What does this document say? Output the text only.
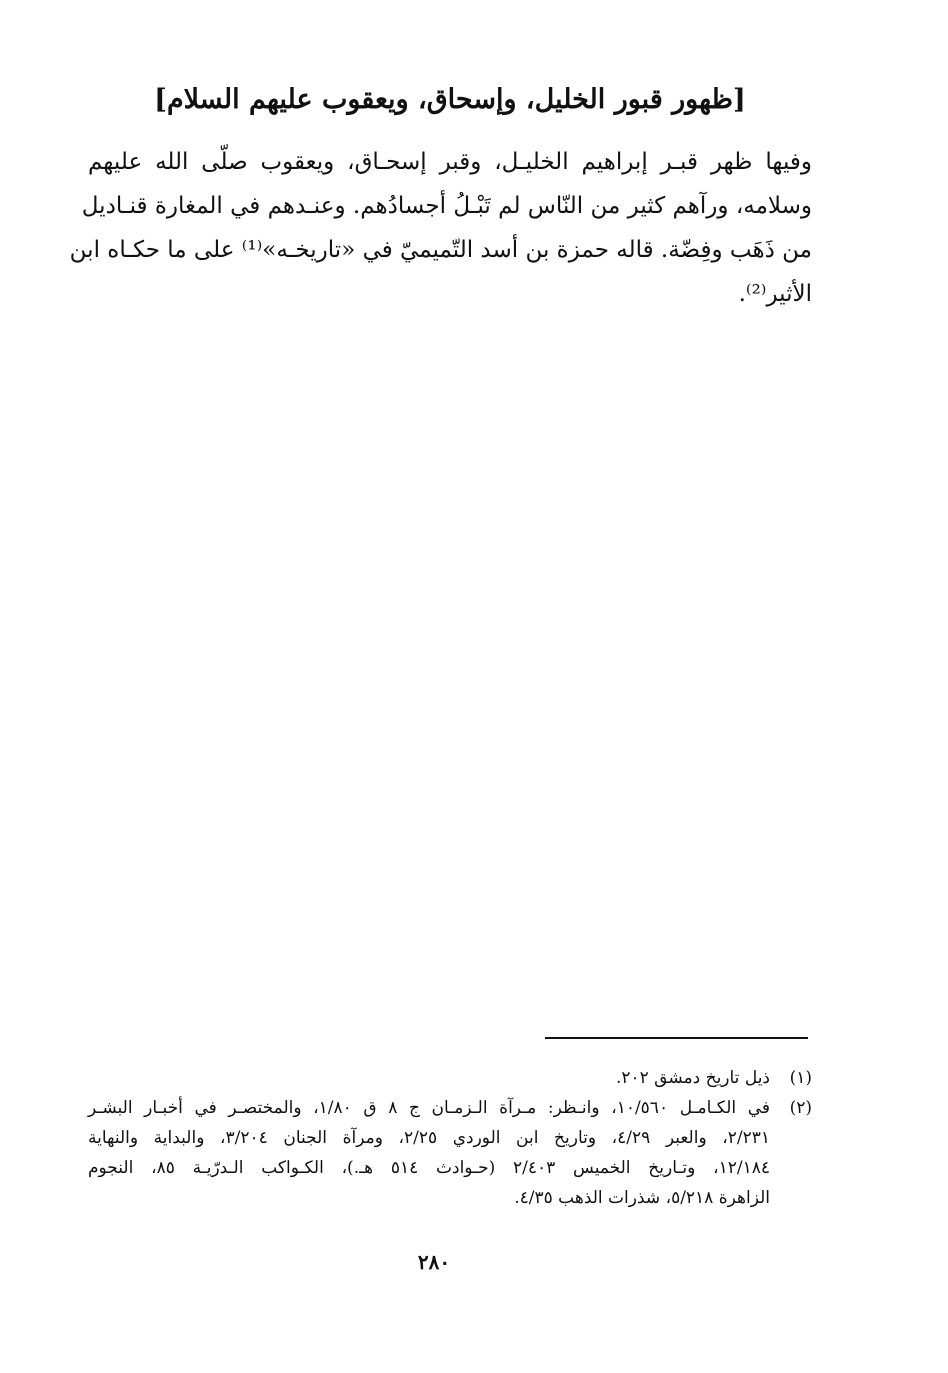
[ظهور قبور الخليل، وإسحاق، ويعقوب عليهم السلام]
وفيها ظهر قبـر إبراهيم الخليـل، وقبر إسحـاق، ويعقوب صلّى الله عليهم
وسلامه، ورآهم كثير من النّاس لم تَبْـلُ أجسادُهم. وعنـدهم في المغارة قنـاديل
من ذَهَب وفِضّة. قاله حمزة بن أسد التّميميّ في «تاريخـه»⁽¹⁾ على ما حكـاه ابن
الأثير⁽²⁾.
(١)
ذيل تاريخ دمشق ٢٠٢.
(٢)
في الكـامـل ١٠/٥٦٠، وانـظر: مـرآة الـزمـان ج ٨ ق ١/٨٠، والمختصـر في أخبـار البشـر
٢/٢٣١، والعبر ٤/٢٩، وتاريخ ابن الوردي ٢/٢٥، ومرآة الجنان ٣/٢٠٤، والبداية والنهاية
١٢/١٨٤، وتـاريخ الخميس ٢/٤٠٣ (حـوادث ٥١٤ هـ.)، الكـواكب الـدرّيـة ٨٥، النجوم
الزاهرة ٥/٢١٨، شذرات الذهب ٤/٣٥.
٢٨٠
